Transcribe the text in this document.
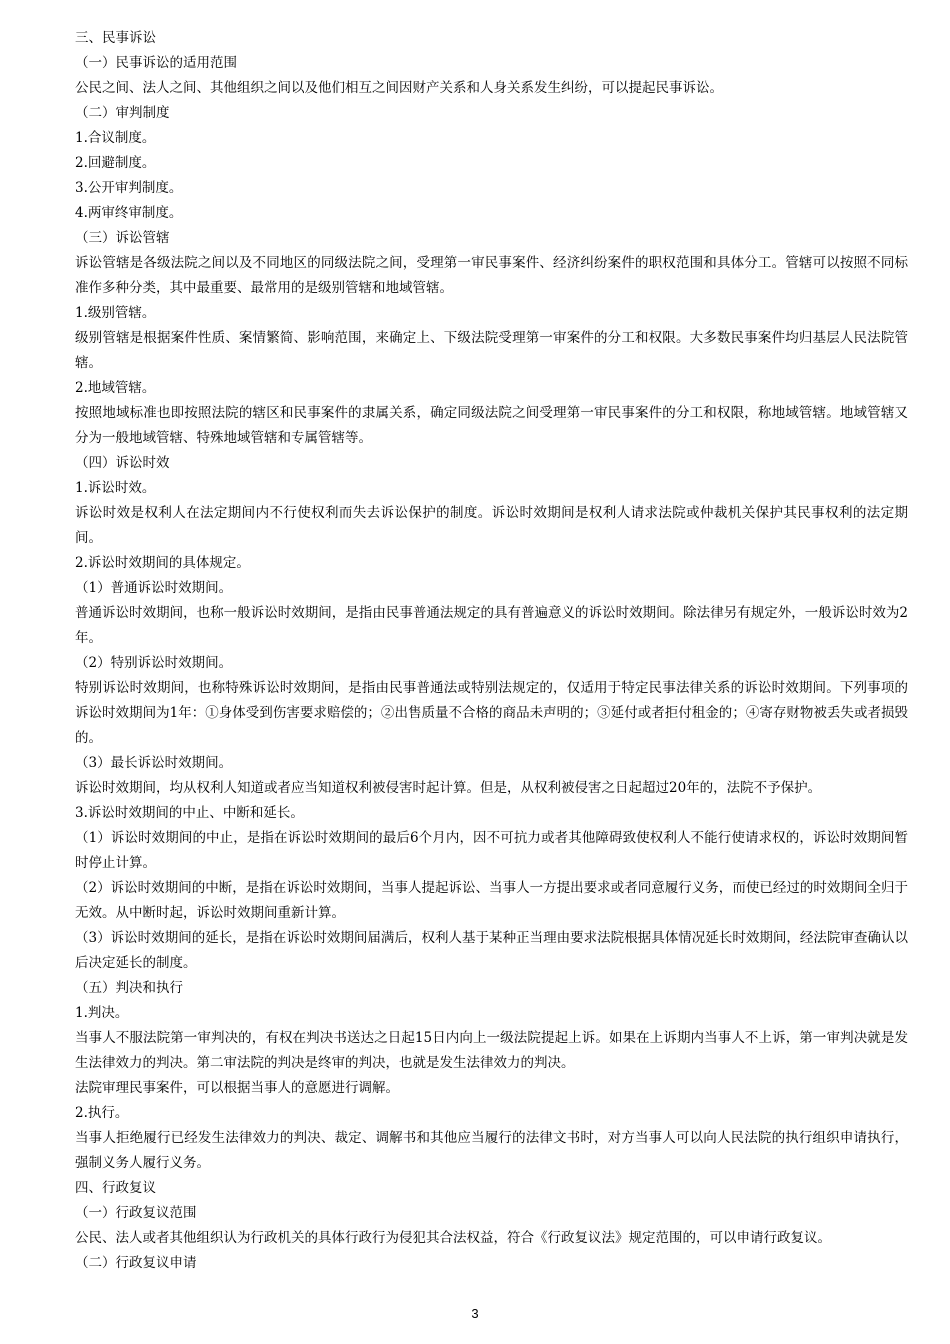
三、民事诉讼

（一）民事诉讼的适用范围

公民之间、法人之间、其他组织之间以及他们相互之间因财产关系和人身关系发生纠纷，可以提起民事诉讼。

（二）审判制度

1.合议制度。

2.回避制度。

3.公开审判制度。

4.两审终审制度。

（三）诉讼管辖

诉讼管辖是各级法院之间以及不同地区的同级法院之间，受理第一审民事案件、经济纠纷案件的职权范围和具体分工。管辖可以按照不同标准作多种分类，其中最重要、最常用的是级别管辖和地域管辖。

1.级别管辖。

级别管辖是根据案件性质、案情繁简、影响范围，来确定上、下级法院受理第一审案件的分工和权限。大多数民事案件均归基层人民法院管辖。

2.地域管辖。

按照地域标准也即按照法院的辖区和民事案件的隶属关系，确定同级法院之间受理第一审民事案件的分工和权限，称地域管辖。地域管辖又分为一般地域管辖、特殊地域管辖和专属管辖等。

（四）诉讼时效

1.诉讼时效。

诉讼时效是权利人在法定期间内不行使权利而失去诉讼保护的制度。诉讼时效期间是权利人请求法院或仲裁机关保护其民事权利的法定期间。

2.诉讼时效期间的具体规定。

（1）普通诉讼时效期间。

普通诉讼时效期间，也称一般诉讼时效期间，是指由民事普通法规定的具有普遍意义的诉讼时效期间。除法律另有规定外，一般诉讼时效为2年。

（2）特别诉讼时效期间。

特别诉讼时效期间，也称特殊诉讼时效期间，是指由民事普通法或特别法规定的，仅适用于特定民事法律关系的诉讼时效期间。下列事项的诉讼时效期间为1年：①身体受到伤害要求赔偿的；②出售质量不合格的商品未声明的；③延付或者拒付租金的；④寄存财物被丢失或者损毁的。

（3）最长诉讼时效期间。

诉讼时效期间，均从权利人知道或者应当知道权利被侵害时起计算。但是，从权利被侵害之日起超过20年的，法院不予保护。

3.诉讼时效期间的中止、中断和延长。

（1）诉讼时效期间的中止，是指在诉讼时效期间的最后6个月内，因不可抗力或者其他障碍致使权利人不能行使请求权的，诉讼时效期间暂时停止计算。

（2）诉讼时效期间的中断，是指在诉讼时效期间，当事人提起诉讼、当事人一方提出要求或者同意履行义务，而使已经过的时效期间全归于无效。从中断时起，诉讼时效期间重新计算。

（3）诉讼时效期间的延长，是指在诉讼时效期间届满后，权利人基于某种正当理由要求法院根据具体情况延长时效期间，经法院审查确认以后决定延长的制度。

（五）判决和执行

1.判决。

当事人不服法院第一审判决的，有权在判决书送达之日起15日内向上一级法院提起上诉。如果在上诉期内当事人不上诉，第一审判决就是发生法律效力的判决。第二审法院的判决是终审的判决，也就是发生法律效力的判决。

法院审理民事案件，可以根据当事人的意愿进行调解。

2.执行。

当事人拒绝履行已经发生法律效力的判决、裁定、调解书和其他应当履行的法律文书时，对方当事人可以向人民法院的执行组织申请执行，强制义务人履行义务。

四、行政复议

（一）行政复议范围

公民、法人或者其他组织认为行政机关的具体行政行为侵犯其合法权益，符合《行政复议法》规定范围的，可以申请行政复议。

（二）行政复议申请

3
